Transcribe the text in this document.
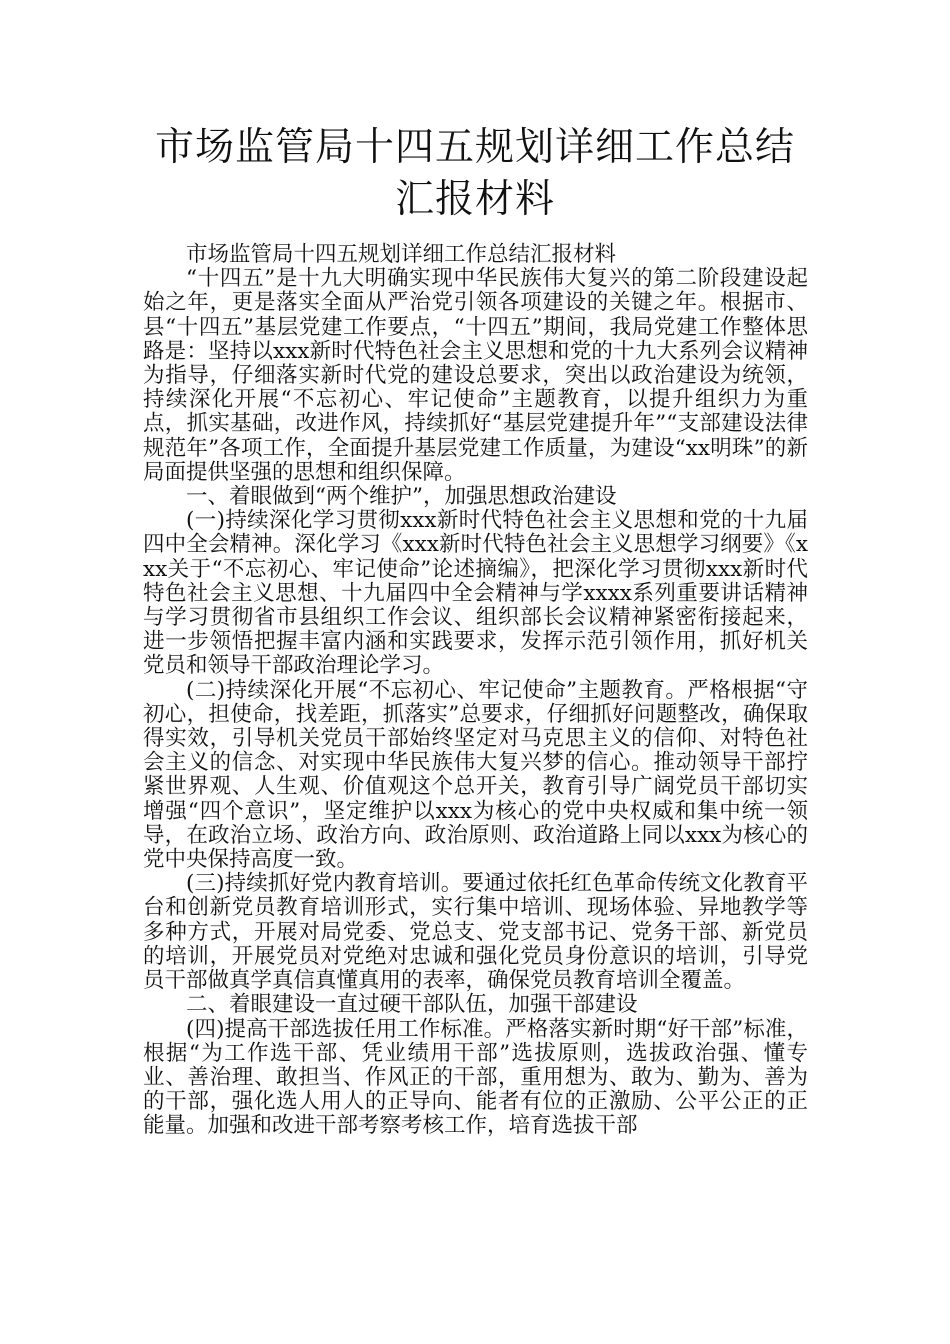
市场监管局十四五规划详细工作总结汇报材料

市场监管局十四五规划详细工作总结汇报材料

“十四五”是十九大明确实现中华民族伟大复兴的第二阶段建设起始之年，更是落实全面从严治党引领各项建设的关键之年。根据市、县“十四五”基层党建工作要点，“十四五”期间，我局党建工作整体思路是：坚持以xxx新时代特色社会主义思想和党的十九大系列会议精神为指导，仔细落实新时代党的建设总要求，突出以政治建设为统领，持续深化开展“不忘初心、牢记使命”主题教育，以提升组织力为重点，抓实基础，改进作风，持续抓好“基层党建提升年”“支部建设法律规范年”各项工作，全面提升基层党建工作质量，为建设“xx明珠”的新局面提供坚强的思想和组织保障。

一、着眼做到“两个维护”，加强思想政治建设

(一)持续深化学习贯彻xxx新时代特色社会主义思想和党的十九届四中全会精神。深化学习《xxx新时代特色社会主义思想学习纲要》《xxx关于“不忘初心、牢记使命”论述摘编》，把深化学习贯彻xxx新时代特色社会主义思想、十九届四中全会精神与学xxxx系列重要讲话精神与学习贯彻省市县组织工作会议、组织部长会议精神紧密衔接起来，进一步领悟把握丰富内涵和实践要求，发挥示范引领作用，抓好机关党员和领导干部政治理论学习。

(二)持续深化开展“不忘初心、牢记使命”主题教育。严格根据“守初心，担使命，找差距，抓落实”总要求，仔细抓好问题整改，确保取得实效，引导机关党员干部始终坚定对马克思主义的信仰、对特色社会主义的信念、对实现中华民族伟大复兴梦的信心。推动领导干部拧紧世界观、人生观、价值观这个总开关，教育引导广阔党员干部切实增强“四个意识”，坚定维护以xxx为核心的党中央权威和集中统一领导，在政治立场、政治方向、政治原则、政治道路上同以xxx为核心的党中央保持高度一致。

(三)持续抓好党内教育培训。要通过依托红色革命传统文化教育平台和创新党员教育培训形式，实行集中培训、现场体验、异地教学等多种方式，开展对局党委、党总支、党支部书记、党务干部、新党员的培训，开展党员对党绝对忠诚和强化党员身份意识的培训，引导党员干部做真学真信真懂真用的表率，确保党员教育培训全覆盖。

二、着眼建设一直过硬干部队伍，加强干部建设

(四)提高干部选拔任用工作标准。严格落实新时期“好干部”标准，根据“为工作选干部、凭业绩用干部”选拔原则，选拔政治强、懂专业、善治理、敢担当、作风正的干部，重用想为、敢为、勤为、善为的干部，强化选人用人的正导向、能者有位的正激励、公平公正的正能量。加强和改进干部考察考核工作，培育选拔干部
